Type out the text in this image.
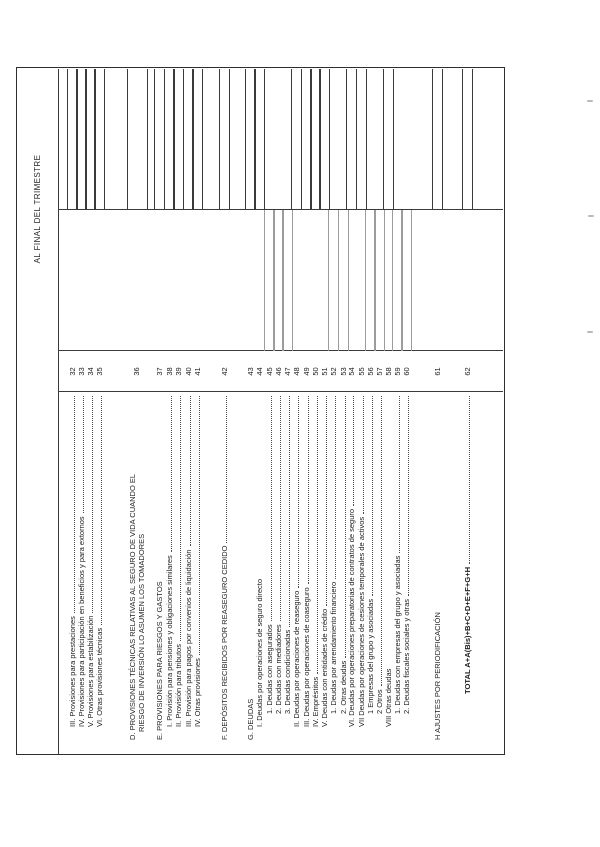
AL FINAL DEL TRIMESTRE
III. Provisiones para prestaciones
32
IV. Provisiones para participación en beneficios y para extornos
33
V. Provisiones para estabilización
34
VI. Otras provisiones técnicas
35
D. PROVISIONES TÉCNICAS RELATIVAS AL SEGURO DE VIDA CUANDO EL RIESGO DE INVERSIÓN LO ASUMEN LOS TOMADORES
36
E. PROVISIONES PARA RIESGOS Y GASTOS
37
I. Provisión para pensiones y obligaciones similares
38
II. Provisión para tributos
39
III. Provisión para pagos por convenios de liquidación
40
IV. Otras provisiones
41
F. DEPÓSITOS RECIBIDOS POR REASEGURO CEDIDO
42
G. DEUDAS
43
I. Deudas por operaciones de seguro directo
44
1. Deudas con asegurados
45
2. Deudas con mediadores
46
3. Deudas condicionadas
47
II. Deudas por operaciones de reaseguro
48
III. Deudas por operaciones de coaseguro
49
IV. Empréstitos
50
V. Deudas con entidades de crédito
51
1. Deudas por arrendamiento financiero
52
2. Otras deudas
53
VI. Deudas por operaciones preparatorias de contratos de seguro
54
VII Deudas por operaciones de cesiones temporales de activos
55
1 Empresas del grupo y asociadas
56
2 Otros
57
VIII Otras deudas
58
1. Deudas con empresas del grupo y asociadas
59
2. Deudas fiscales sociales y otras
60
H AJUSTES POR PERIODIFICACIÓN
61
TOTAL A+A(Bis)+B+C+D+E+F+G+H
62
